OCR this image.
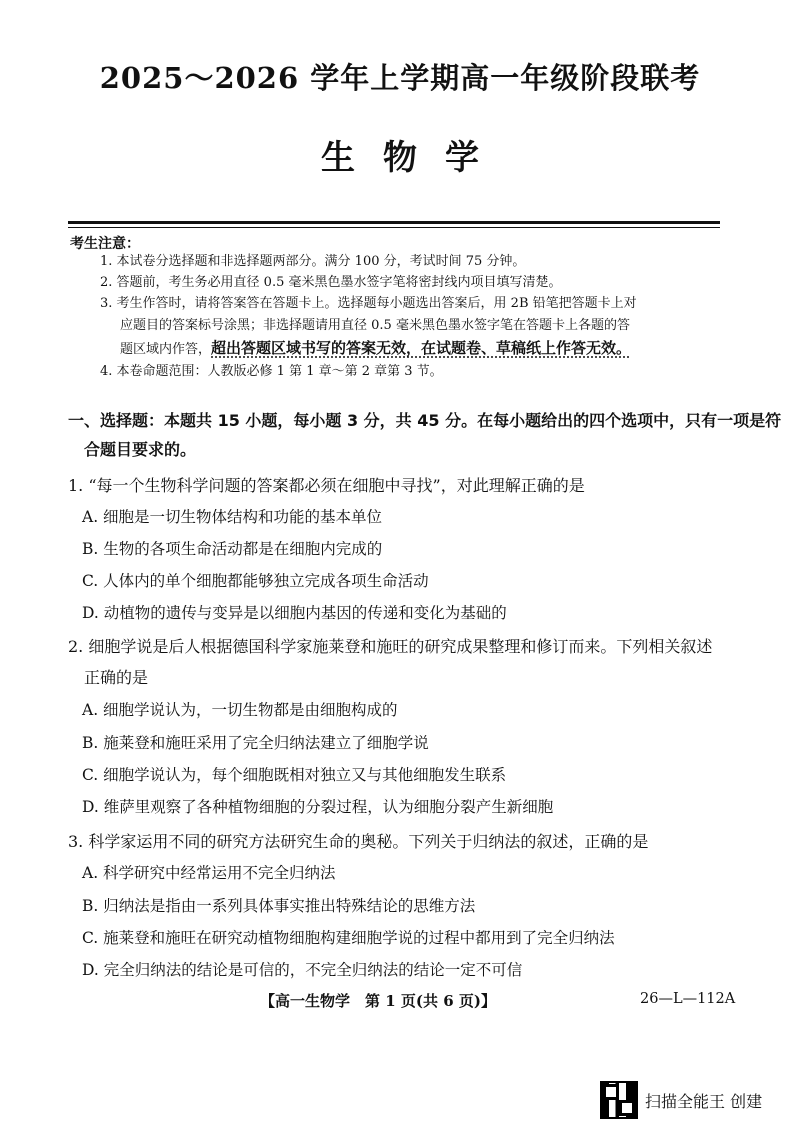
2025～2026 学年上学期高一年级阶段联考
生物学
考生注意：
1. 本试卷分选择题和非选择题两部分。满分 100 分，考试时间 75 分钟。
2. 答题前，考生务必用直径 0.5 毫米黑色墨水签字笔将密封线内项目填写清楚。
3. 考生作答时，请将答案答在答题卡上。选择题每小题选出答案后，用 2B 铅笔把答题卡上对
应题目的答案标号涂黑；非选择题请用直径 0.5 毫米黑色墨水签字笔在答题卡上各题的答
题区域内作答，超出答题区域书写的答案无效，在试题卷、草稿纸上作答无效。
4. 本卷命题范围：人教版必修 1 第 1 章～第 2 章第 3 节。
一、选择题：本题共 15 小题，每小题 3 分，共 45 分。在每小题给出的四个选项中，只有一项是符
合题目要求的。
1. “每一个生物科学问题的答案都必须在细胞中寻找”，对此理解正确的是
A. 细胞是一切生物体结构和功能的基本单位
B. 生物的各项生命活动都是在细胞内完成的
C. 人体内的单个细胞都能够独立完成各项生命活动
D. 动植物的遗传与变异是以细胞内基因的传递和变化为基础的
2. 细胞学说是后人根据德国科学家施莱登和施旺的研究成果整理和修订而来。下列相关叙述
正确的是
A. 细胞学说认为，一切生物都是由细胞构成的
B. 施莱登和施旺采用了完全归纳法建立了细胞学说
C. 细胞学说认为，每个细胞既相对独立又与其他细胞发生联系
D. 维萨里观察了各种植物细胞的分裂过程，认为细胞分裂产生新细胞
3. 科学家运用不同的研究方法研究生命的奥秘。下列关于归纳法的叙述，正确的是
A. 科学研究中经常运用不完全归纳法
B. 归纳法是指由一系列具体事实推出特殊结论的思维方法
C. 施莱登和施旺在研究动植物细胞构建细胞学说的过程中都用到了完全归纳法
D. 完全归纳法的结论是可信的，不完全归纳法的结论一定不可信
【高一生物学　第 1 页(共 6 页)】	26—L—112A
扫描全能王 创建
